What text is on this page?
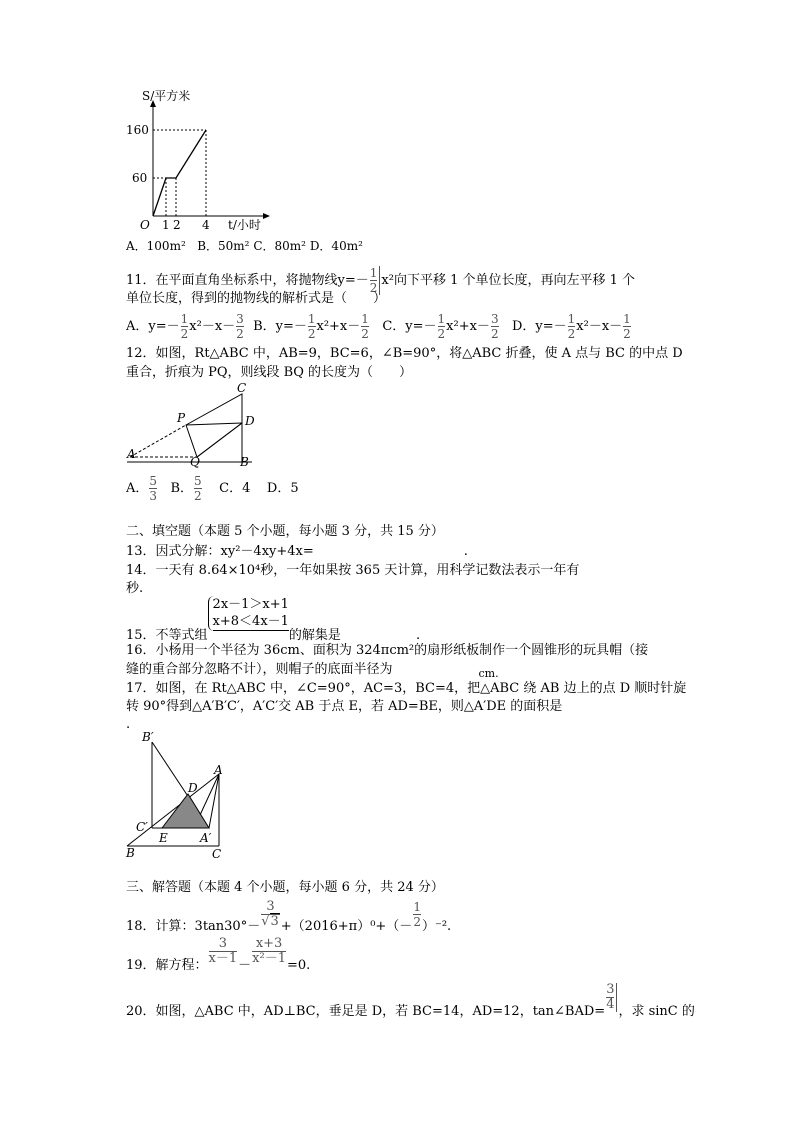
S/平方米
160
60
O 1 2 4 t/小时
A．100m² B．50m² C．80m² D．40m²
11．在平面直角坐标系中，将抛物线$y=- \frac{1}{2} x^2$向下平移 1 个单位长度，再向左平移 1 个
单位长度，得到的抛物线的解析式是（　　）
A．$y=- \frac{1}{2} x^2-x- \frac{3}{2}$ B．$y=- \frac{1}{2} x^2+x- \frac{1}{2}$ C．$y=- \frac{1}{2} x^2+x- \frac{3}{2}$ D．$y=- \frac{1}{2} x^2-x- \frac{1}{2}$
12．如图，Rt△ABC 中，AB=9，BC=6，∠B=90°，将△ABC 折叠，使 A 点与 BC 的中点 D
重合，折痕为 PQ，则线段 BQ 的长度为（　　）
C
P	D
A
Q	B
A． $\frac{5}{3}$ B． $\frac{5}{2}$ C．4 D．5
二、填空题（本题 5 个小题，每小题 3 分，共 15 分）
13．因式分解：xy²－4xy+4x=	.
14．一天有 8.64×10⁴秒，一年如果按 365 天计算，用科学记数法表示一年有
秒.
15．不等式组
2x－1＞x+1
x+8＜4x－1
的解集是	.
16．小杨用一个半径为 36cm、面积为 324πcm²的扇形纸板制作一个圆锥形的玩具帽（接
缝的重合部分忽略不计），则帽子的底面半径为	$_{cm.}$
17．如图，在 Rt△ABC 中，∠C=90°，AC=3，BC=4，把△ABC 绕 AB 边上的点 D 顺时针旋
转 90°得到△A′B′C′，A′C′交 AB 于点 E，若 AD=BE，则△A′DE 的面积是
.
B′
A
D
C′
E	A′
B	C
三、解答题（本题 4 个小题，每小题 6 分，共 24 分）
18．计算：$3\tan 30^\circ- \frac{3}{√3} +(2016+\pi)^0+(- \frac{1}{2} )^{-2}$.
19．解方程： $\frac{3}{x-1} - \frac{x+3}{\text{x²－1}} =0$.
20．如图，△ABC 中，AD⊥BC，垂足是 D，若 BC=14，AD=12，tan∠BAD= $\frac{3}{4}$ ，求 sinC 的
